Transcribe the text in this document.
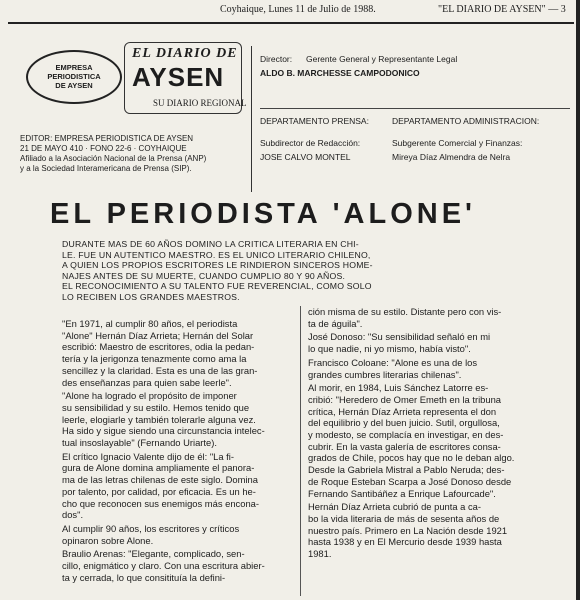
Coyhaique, Lunes 11 de Julio de 1988.	"EL DIARIO DE AYSEN" — 3
EMPRESA
PERIODISTICA
DE AYSEN
EL DIARIO DE
AYSEN
SU DIARIO REGIONAL
EDITOR: EMPRESA PERIODISTICA DE AYSEN
21 DE MAYO 410 · FONO 22-6 · COYHAIQUE
Afiliado a la Asociación Nacional de la Prensa (ANP)
y a la Sociedad Interamericana de Prensa (SIP).
Director: Gerente General y Representante Legal
ALDO B. MARCHESSE CAMPODONICO
DEPARTAMENTO PRENSA:	DEPARTAMENTO ADMINISTRACION:
Subdirector de Redacción:
JOSE CALVO MONTEL
Subgerente Comercial y Finanzas:
Mireya Díaz Almendra de Nelra
EL PERIODISTA 'ALONE'
DURANTE MAS DE 60 AÑOS DOMINO LA CRITICA LITERARIA EN CHI-
LE. FUE UN AUTENTICO MAESTRO. ES EL UNICO LITERARIO CHILENO,
A QUIEN LOS PROPIOS ESCRITORES LE RINDIERON SINCEROS HOME-
NAJES ANTES DE SU MUERTE, CUANDO CUMPLIO 80 Y 90 AÑOS.
EL RECONOCIMIENTO A SU TALENTO FUE REVERENCIAL, COMO SOLO
LO RECIBEN LOS GRANDES MAESTROS.

"En 1971, al cumplir 80 años, el periodista
"Alone" Hernán Díaz Arrieta; Hernán del Solar
escribió: Maestro de escritores, odia la pedan-
tería y la jerigonza tenazmente como ama la
sencillez y la claridad. Esta es una de las gran-
des enseñanzas para quien sabe leerle".

"Alone ha logrado el propósito de imponer
su sensibilidad y su estilo. Hemos tenido que
leerle, elogiarle y también tolerarle alguna vez.
Ha sido y sigue siendo una circunstancia intelec-
tual insoslayable" (Fernando Uriarte).

El crítico Ignacio Valente dijo de él: "La fi-
gura de Alone domina ampliamente el panora-
ma de las letras chilenas de este siglo. Domina
por talento, por calidad, por eficacia. Es un he-
cho que reconocen sus enemigos más encona-
dos".

Al cumplir 90 años, los escritores y críticos
opinaron sobre Alone.

Braulio Arenas: "Elegante, complicado, sen-
cillo, enigmático y claro. Con una escritura abier-
ta y cerrada, lo que consitituía la defini-

ción misma de su estilo. Distante pero con vis-
ta de águila".

José Donoso: "Su sensibilidad señaló en mi
lo que nadie, ni yo mismo, había visto".

Francisco Coloane: "Alone es una de los
grandes cumbres literarias chilenas".

Al morir, en 1984, Luis Sánchez Latorre es-
cribió: "Heredero de Omer Emeth en la tribuna
crítica, Hernán Díaz Arrieta representa el don
del equilibrio y del buen juicio. Sutil, orgullosa,
y modesto, se complacía en investigar, en des-
cubrir. En la vasta galería de escritores consa-
grados de Chile, pocos hay que no le deban algo.
Desde la Gabriela Mistral a Pablo Neruda; des-
de Roque Esteban Scarpa a José Donoso desde
Fernando Santibáñez a Enrique Lafourcade".

Hernán Díaz Arrieta cubrió de punta a ca-
bo la vida literaria de más de sesenta años de
nuestro país. Primero en La Nación desde 1921
hasta 1938 y en El Mercurio desde 1939 hasta
1981.
